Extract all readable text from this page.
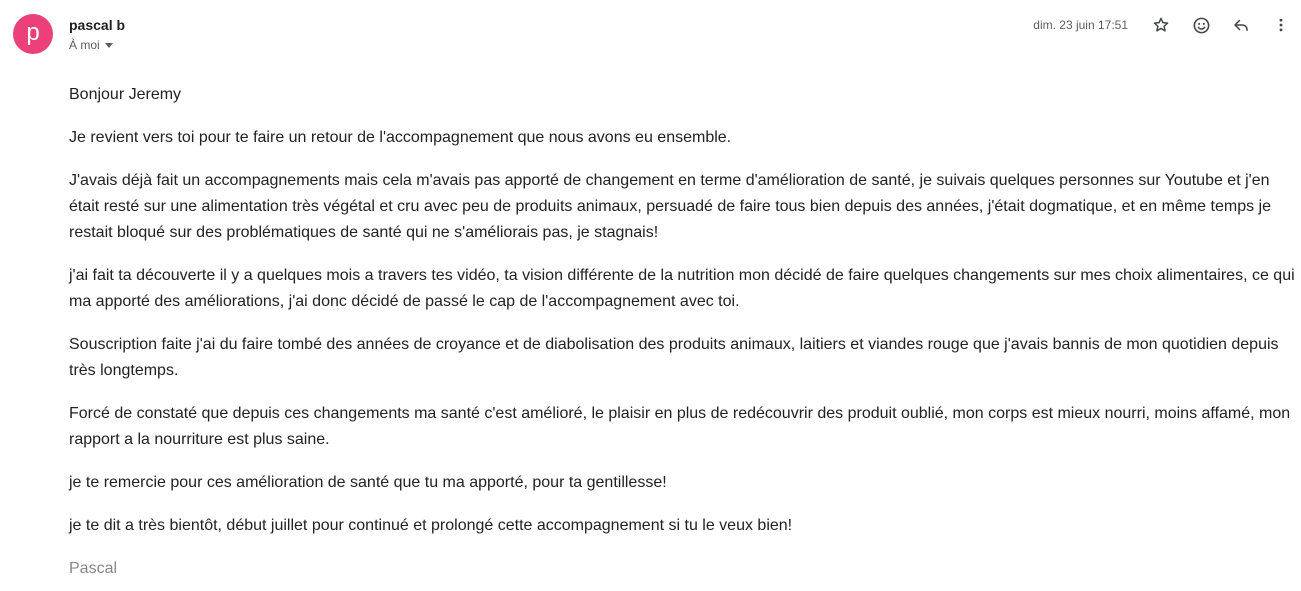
p pascal b
À moi
dim. 23 juin 17:51

Bonjour Jeremy

Je revient vers toi pour te faire un retour de l'accompagnement que nous avons eu ensemble.

J'avais déjà fait un accompagnements mais cela m'avais pas apporté de changement en terme d'amélioration de santé, je suivais quelques personnes sur Youtube et j'en était resté sur une alimentation très végétal et cru avec peu de produits animaux, persuadé de faire tous bien depuis des années, j'était dogmatique, et en même temps je restait bloqué sur des problématiques de santé qui ne s'améliorais pas, je stagnais!

j'ai fait ta découverte il y a quelques mois a travers tes vidéo, ta vision différente de la nutrition mon décidé de faire quelques changements sur mes choix alimentaires, ce qui ma apporté des améliorations, j'ai donc décidé de passé le cap de l'accompagnement avec toi.

Souscription faite j'ai du faire tombé des années de croyance et de diabolisation des produits animaux, laitiers et viandes rouge que j'avais bannis de mon quotidien depuis très longtemps.

Forcé de constaté que depuis ces changements ma santé c'est amélioré, le plaisir en plus de redécouvrir des produit oublié, mon corps est mieux nourri, moins affamé, mon rapport a la nourriture est plus saine.

je te remercie pour ces amélioration de santé que tu ma apporté, pour ta gentillesse!

je te dit a très bientôt, début juillet pour continué et prolongé cette accompagnement si tu le veux bien!

Pascal
